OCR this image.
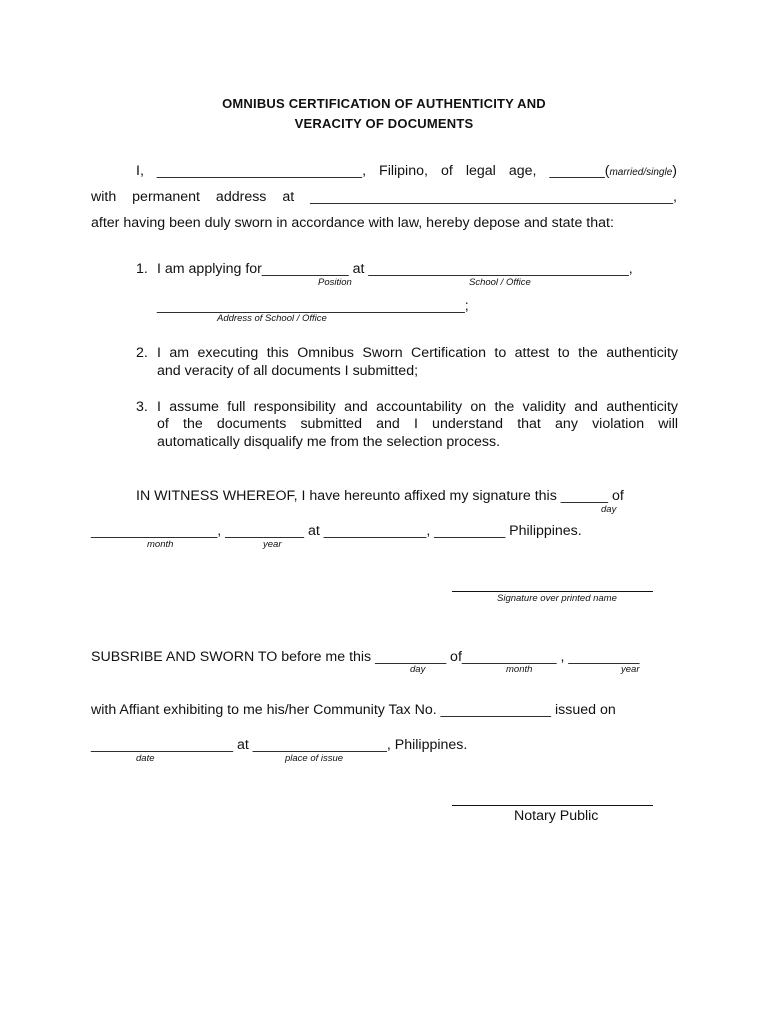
OMNIBUS CERTIFICATION OF AUTHENTICITY AND
VERACITY OF DOCUMENTS
I, __________________________, Filipino, of legal age, _______(married/single)
with permanent address at ______________________________________________,
after having been duly sworn in accordance with law, hereby depose and state that:
1. I am applying for___________ at _________________________________,
Position	School / Office
_______________________________________;
Address of School / Office
2. I am executing this Omnibus Sworn Certification to attest to the authenticity
and veracity of all documents I submitted;
3. I assume full responsibility and accountability on the validity and authenticity
of the documents submitted and I understand that any violation will
automatically disqualify me from the selection process.
IN WITNESS WHEREOF, I have hereunto affixed my signature this ______ of
day
________________, __________ at _____________, _________ Philippines.
month	year
Signature over printed name
SUBSRIBE AND SWORN TO before me this _________ of____________ , _________
day	month	year
with Affiant exhibiting to me his/her Community Tax No. ______________ issued on
__________________ at _________________, Philippines.
date	place of issue
Notary Public
